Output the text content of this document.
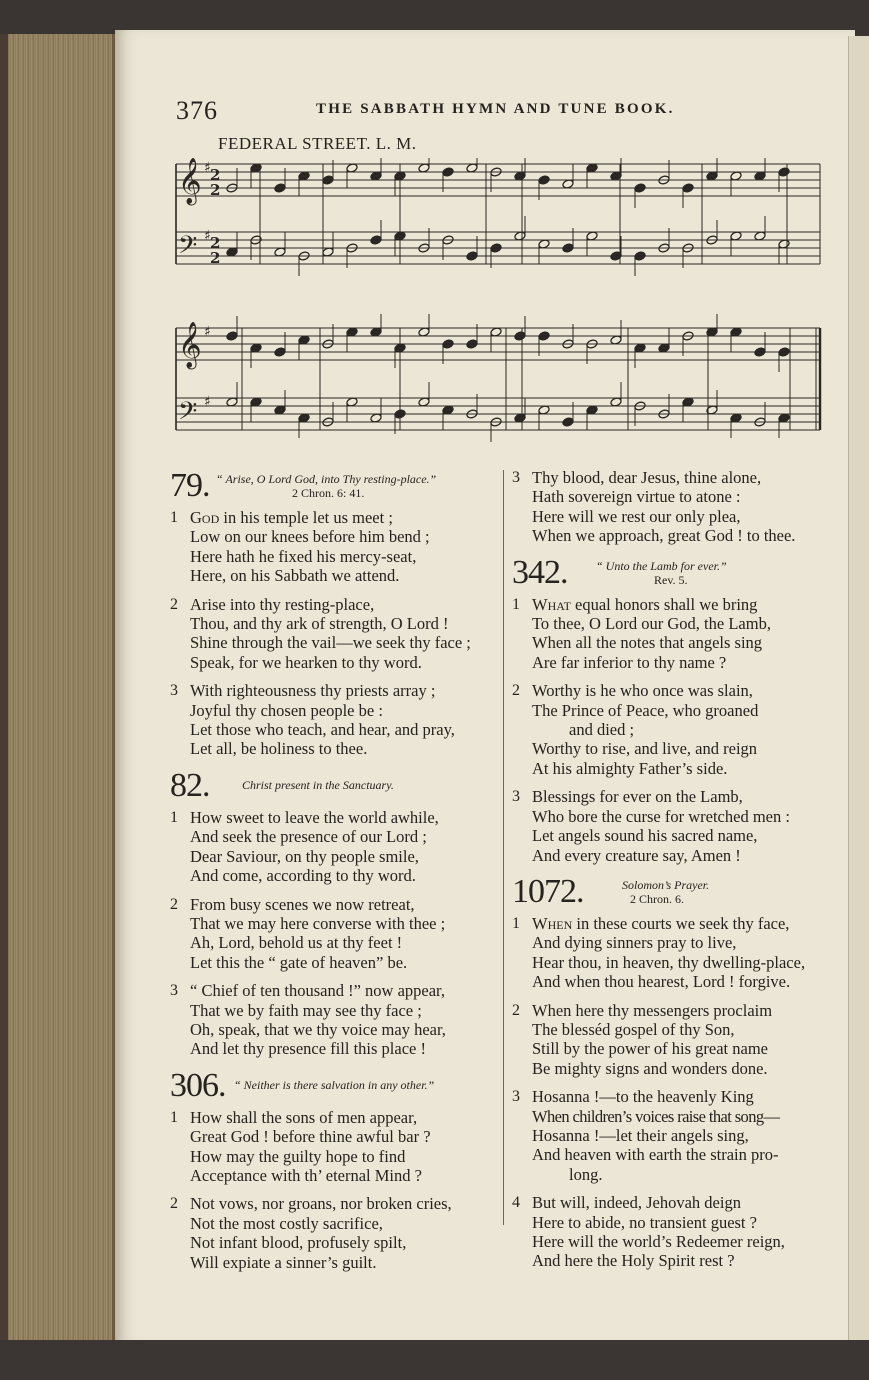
376	THE SABBATH HYMN AND TUNE BOOK.
FEDERAL STREET. L. M.
𝄞 ♯ 2
2
𝄢 ♯ 2
2
𝄞 ♯
𝄢 ♯
79. “ Arise, O Lord God, into Thy resting-place.”
2 Chron. 6: 41.
1 God in his temple let us meet ;
Low on our knees before him bend ;
Here hath he fixed his mercy-seat,
Here, on his Sabbath we attend.
2 Arise into thy resting-place,
Thou, and thy ark of strength, O Lord !
Shine through the vail—we seek thy face ;
Speak, for we hearken to thy word.
3 With righteousness thy priests array ;
Joyful thy chosen people be :
Let those who teach, and hear, and pray,
Let all, be holiness to thee.
82.	Christ present in the Sanctuary.
1 How sweet to leave the world awhile,
And seek the presence of our Lord ;
Dear Saviour, on thy people smile,
And come, according to thy word.
2 From busy scenes we now retreat,
That we may here converse with thee ;
Ah, Lord, behold us at thy feet !
Let this the “ gate of heaven” be.
3 “ Chief of ten thousand !” now appear,
That we by faith may see thy face ;
Oh, speak, that we thy voice may hear,
And let thy presence fill this place !
306. “ Neither is there salvation in any other.”
1 How shall the sons of men appear,
Great God ! before thine awful bar ?
How may the guilty hope to find
Acceptance with th’ eternal Mind ?
2 Not vows, nor groans, nor broken cries,
Not the most costly sacrifice,
Not infant blood, profusely spilt,
Will expiate a sinner’s guilt.
3 Thy blood, dear Jesus, thine alone,
Hath sovereign virtue to atone :
Here will we rest our only plea,
When we approach, great God ! to thee.
342. “ Unto the Lamb for ever.”
Rev. 5.
1 What equal honors shall we bring
To thee, O Lord our God, the Lamb,
When all the notes that angels sing
Are far inferior to thy name ?
2 Worthy is he who once was slain,
The Prince of Peace, who groaned
and died ;
Worthy to rise, and live, and reign
At his almighty Father’s side.
3 Blessings for ever on the Lamb,
Who bore the curse for wretched men :
Let angels sound his sacred name,
And every creature say, Amen !
1072.	Solomon’s Prayer.
2 Chron. 6.
1 When in these courts we seek thy face,
And dying sinners pray to live,
Hear thou, in heaven, thy dwelling-place,
And when thou hearest, Lord ! forgive.
2 When here thy messengers proclaim
The blesséd gospel of thy Son,
Still by the power of his great name
Be mighty signs and wonders done.
3 Hosanna !—to the heavenly King
When children’s voices raise that song—
Hosanna !—let their angels sing,
And heaven with earth the strain pro-
long.
4 But will, indeed, Jehovah deign
Here to abide, no transient guest ?
Here will the world’s Redeemer reign,
And here the Holy Spirit rest ?
